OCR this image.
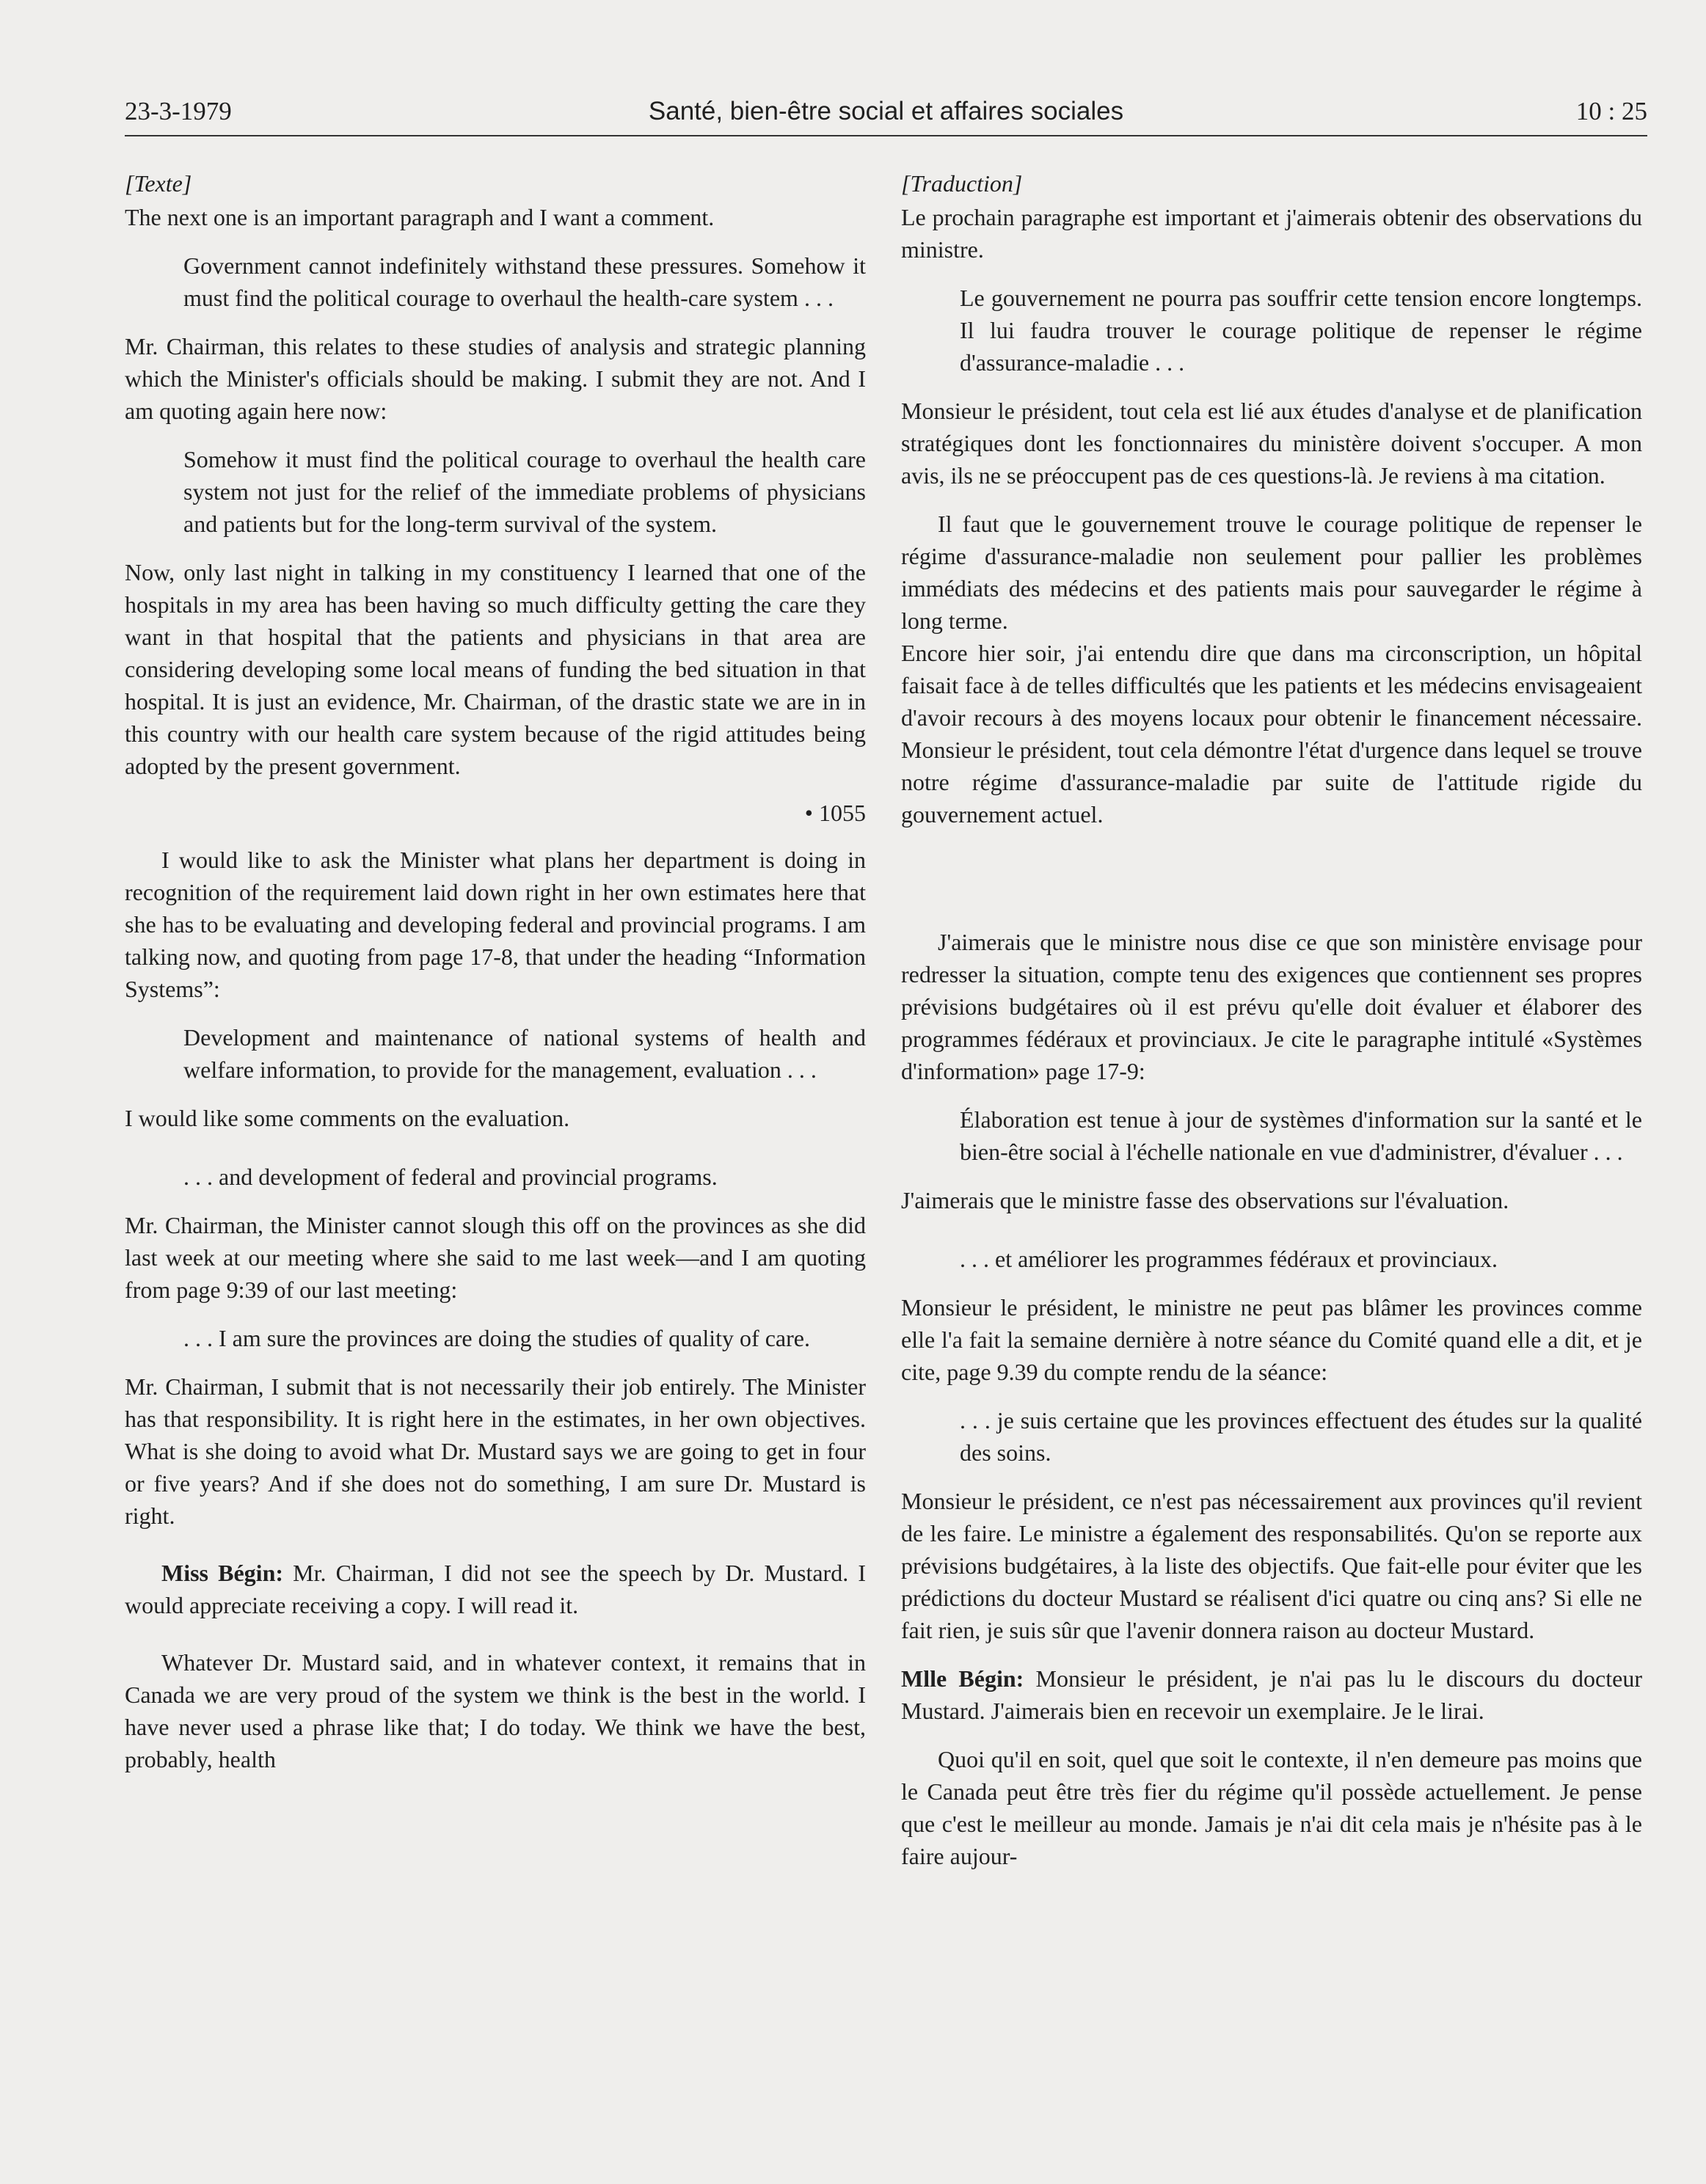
23-3-1979	Santé, bien-être social et affaires sociales	10 : 25

[Texte]

The next one is an important paragraph and I want a comment.

Government cannot indefinitely withstand these pressures. Somehow it must find the political courage to overhaul the health-care system . . .

Mr. Chairman, this relates to these studies of analysis and strategic planning which the Minister's officials should be making. I submit they are not. And I am quoting again here now:

Somehow it must find the political courage to overhaul the health care system not just for the relief of the immediate problems of physicians and patients but for the long-term survival of the system.

Now, only last night in talking in my constituency I learned that one of the hospitals in my area has been having so much difficulty getting the care they want in that hospital that the patients and physicians in that area are considering developing some local means of funding the bed situation in that hospital. It is just an evidence, Mr. Chairman, of the drastic state we are in in this country with our health care system because of the rigid attitudes being adopted by the present government.

• 1055

I would like to ask the Minister what plans her department is doing in recognition of the requirement laid down right in her own estimates here that she has to be evaluating and developing federal and provincial programs. I am talking now, and quoting from page 17-8, that under the heading “Information Systems”:

Development and maintenance of national systems of health and welfare information, to provide for the management, evaluation . . .

I would like some comments on the evaluation.

. . . and development of federal and provincial programs.

Mr. Chairman, the Minister cannot slough this off on the provinces as she did last week at our meeting where she said to me last week—and I am quoting from page 9:39 of our last meeting:

. . . I am sure the provinces are doing the studies of quality of care.

Mr. Chairman, I submit that is not necessarily their job entirely. The Minister has that responsibility. It is right here in the estimates, in her own objectives. What is she doing to avoid what Dr. Mustard says we are going to get in four or five years? And if she does not do something, I am sure Dr. Mustard is right.

Miss Bégin: Mr. Chairman, I did not see the speech by Dr. Mustard. I would appreciate receiving a copy. I will read it.

Whatever Dr. Mustard said, and in whatever context, it remains that in Canada we are very proud of the system we think is the best in the world. I have never used a phrase like that; I do today. We think we have the best, probably, health

[Traduction]

Le prochain paragraphe est important et j'aimerais obtenir des observations du ministre.

Le gouvernement ne pourra pas souffrir cette tension encore longtemps. Il lui faudra trouver le courage politique de repenser le régime d'assurance-maladie . . .

Monsieur le président, tout cela est lié aux études d'analyse et de planification stratégiques dont les fonctionnaires du ministère doivent s'occuper. A mon avis, ils ne se préoccupent pas de ces questions-là. Je reviens à ma citation.

Il faut que le gouvernement trouve le courage politique de repenser le régime d'assurance-maladie non seulement pour pallier les problèmes immédiats des médecins et des patients mais pour sauvegarder le régime à long terme.

Encore hier soir, j'ai entendu dire que dans ma circonscription, un hôpital faisait face à de telles difficultés que les patients et les médecins envisageaient d'avoir recours à des moyens locaux pour obtenir le financement nécessaire. Monsieur le président, tout cela démontre l'état d'urgence dans lequel se trouve notre régime d'assurance-maladie par suite de l'attitude rigide du gouvernement actuel.

J'aimerais que le ministre nous dise ce que son ministère envisage pour redresser la situation, compte tenu des exigences que contiennent ses propres prévisions budgétaires où il est prévu qu'elle doit évaluer et élaborer des programmes fédéraux et provinciaux. Je cite le paragraphe intitulé «Systèmes d'information» page 17-9:

Élaboration est tenue à jour de systèmes d'information sur la santé et le bien-être social à l'échelle nationale en vue d'administrer, d'évaluer . . .

J'aimerais que le ministre fasse des observations sur l'évaluation.

. . . et améliorer les programmes fédéraux et provinciaux.

Monsieur le président, le ministre ne peut pas blâmer les provinces comme elle l'a fait la semaine dernière à notre séance du Comité quand elle a dit, et je cite, page 9.39 du compte rendu de la séance:

. . . je suis certaine que les provinces effectuent des études sur la qualité des soins.

Monsieur le président, ce n'est pas nécessairement aux provinces qu'il revient de les faire. Le ministre a également des responsabilités. Qu'on se reporte aux prévisions budgétaires, à la liste des objectifs. Que fait-elle pour éviter que les prédictions du docteur Mustard se réalisent d'ici quatre ou cinq ans? Si elle ne fait rien, je suis sûr que l'avenir donnera raison au docteur Mustard.

Mlle Bégin: Monsieur le président, je n'ai pas lu le discours du docteur Mustard. J'aimerais bien en recevoir un exemplaire. Je le lirai.

Quoi qu'il en soit, quel que soit le contexte, il n'en demeure pas moins que le Canada peut être très fier du régime qu'il possède actuellement. Je pense que c'est le meilleur au monde. Jamais je n'ai dit cela mais je n'hésite pas à le faire aujour-
